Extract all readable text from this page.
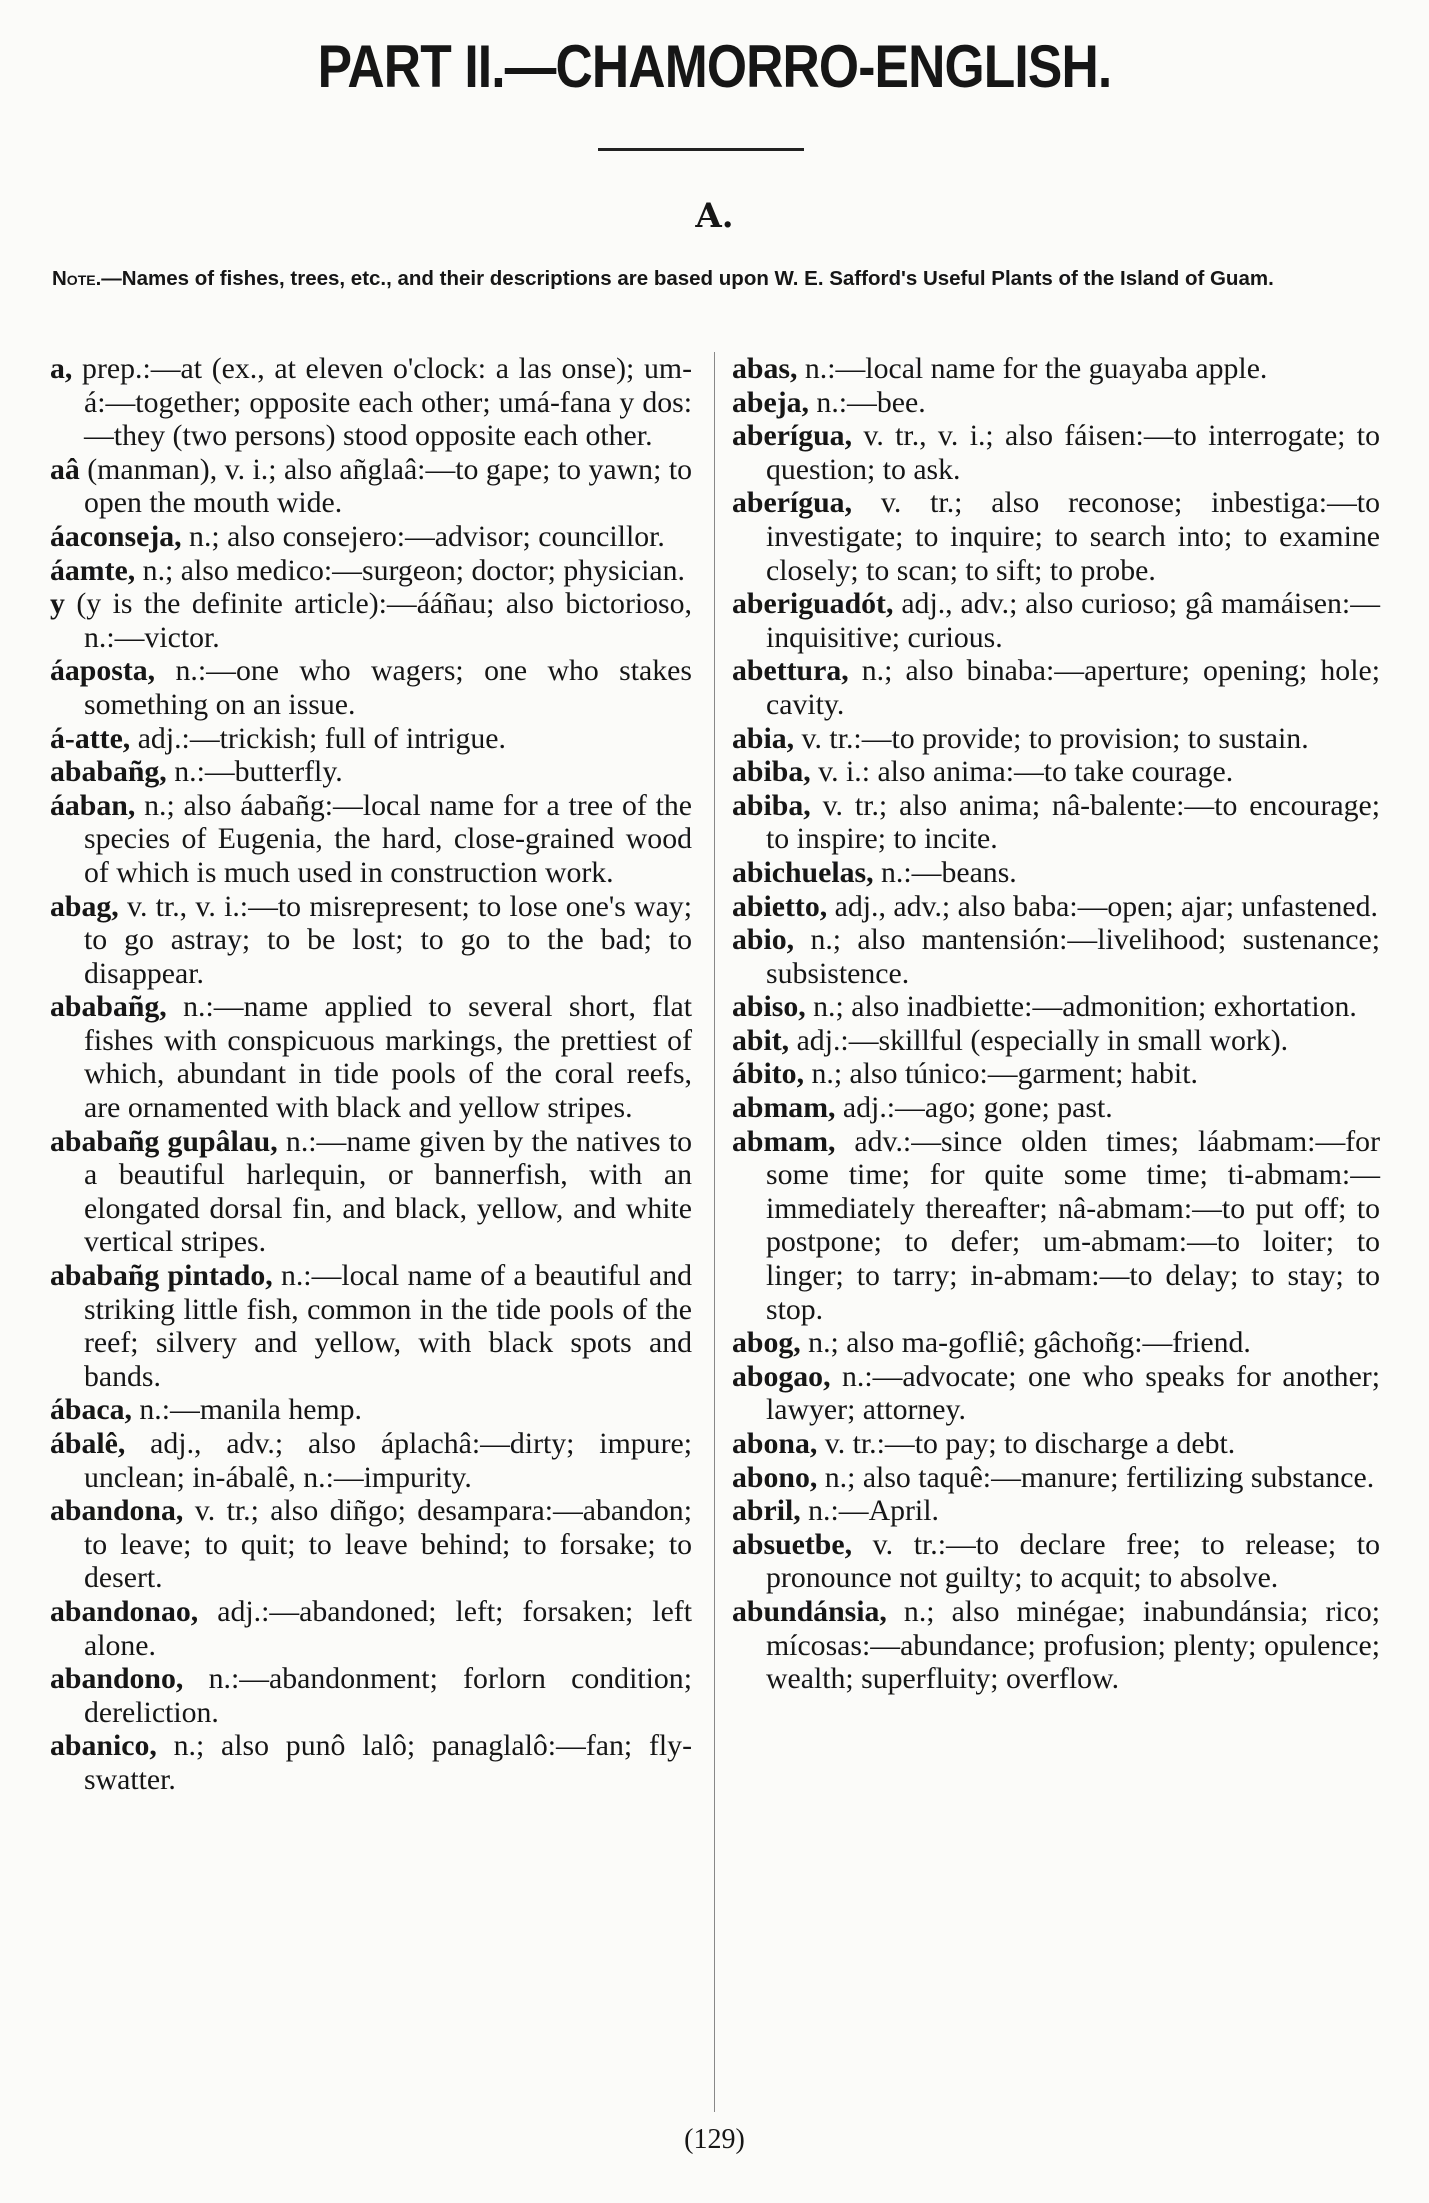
PART II.—CHAMORRO-ENGLISH.
A.
Note.—Names of fishes, trees, etc., and their descriptions are based upon W. E. Safford's Useful Plants of the Island of Guam.
a, prep.:—at (ex., at eleven o'clock: a las onse); um-á:—together; opposite each other; umá-fana y dos:—they (two persons) stood opposite each other.
aâ (manman), v. i.; also añglaâ:—to gape; to yawn; to open the mouth wide.
áaconseja, n.; also consejero:—advisor; councillor.
áamte, n.; also medico:—surgeon; doctor; physician.
y (y is the definite article):—ááñau; also bictorioso, n.:—victor.
áaposta, n.:—one who wagers; one who stakes something on an issue.
á-atte, adj.:—trickish; full of intrigue.
ababañg, n.:—butterfly.
áaban, n.; also áabañg:—local name for a tree of the species of Eugenia, the hard, close-grained wood of which is much used in construction work.
abag, v. tr., v. i.:—to misrepresent; to lose one's way; to go astray; to be lost; to go to the bad; to disappear.
ababañg, n.:—name applied to several short, flat fishes with conspicuous markings, the prettiest of which, abundant in tide pools of the coral reefs, are ornamented with black and yellow stripes.
ababañg gupâlau, n.:—name given by the natives to a beautiful harlequin, or bannerfish, with an elongated dorsal fin, and black, yellow, and white vertical stripes.
ababañg pintado, n.:—local name of a beautiful and striking little fish, common in the tide pools of the reef; silvery and yellow, with black spots and bands.
ábaca, n.:—manila hemp.
ábalê, adj., adv.; also áplachâ:—dirty; impure; unclean; in-ábalê, n.:—impurity.
abandona, v. tr.; also diñgo; desampara:—abandon; to leave; to quit; to leave behind; to forsake; to desert.
abandonao, adj.:—abandoned; left; forsaken; left alone.
abandono, n.:—abandonment; forlorn condition; dereliction.
abanico, n.; also punô lalô; panaglalô:—fan; fly-swatter.
abas, n.:—local name for the guayaba apple.
abeja, n.:—bee.
aberígua, v. tr., v. i.; also fáisen:—to interrogate; to question; to ask.
aberígua, v. tr.; also reconose; inbestiga:—to investigate; to inquire; to search into; to examine closely; to scan; to sift; to probe.
aberiguadót, adj., adv.; also curioso; gâ mamáisen:—inquisitive; curious.
abettura, n.; also binaba:—aperture; opening; hole; cavity.
abia, v. tr.:—to provide; to provision; to sustain.
abiba, v. i.: also anima:—to take courage.
abiba, v. tr.; also anima; nâ-balente:—to encourage; to inspire; to incite.
abichuelas, n.:—beans.
abietto, adj., adv.; also baba:—open; ajar; unfastened.
abio, n.; also mantensión:—livelihood; sustenance; subsistence.
abiso, n.; also inadbiette:—admonition; exhortation.
abit, adj.:—skillful (especially in small work).
ábito, n.; also túnico:—garment; habit.
abmam, adj.:—ago; gone; past.
abmam, adv.:—since olden times; láabmam:—for some time; for quite some time; ti-abmam:—immediately thereafter; nâ-abmam:—to put off; to postpone; to defer; um-abmam:—to loiter; to linger; to tarry; in-abmam:—to delay; to stay; to stop.
abog, n.; also ma-gofliê; gâchoñg:—friend.
abogao, n.:—advocate; one who speaks for another; lawyer; attorney.
abona, v. tr.:—to pay; to discharge a debt.
abono, n.; also taquê:—manure; fertilizing substance.
abril, n.:—April.
absuetbe, v. tr.:—to declare free; to release; to pronounce not guilty; to acquit; to absolve.
abundánsia, n.; also minégae; inabundánsia; rico; mícosas:—abundance; profusion; plenty; opulence; wealth; superfluity; overflow.
(129)
